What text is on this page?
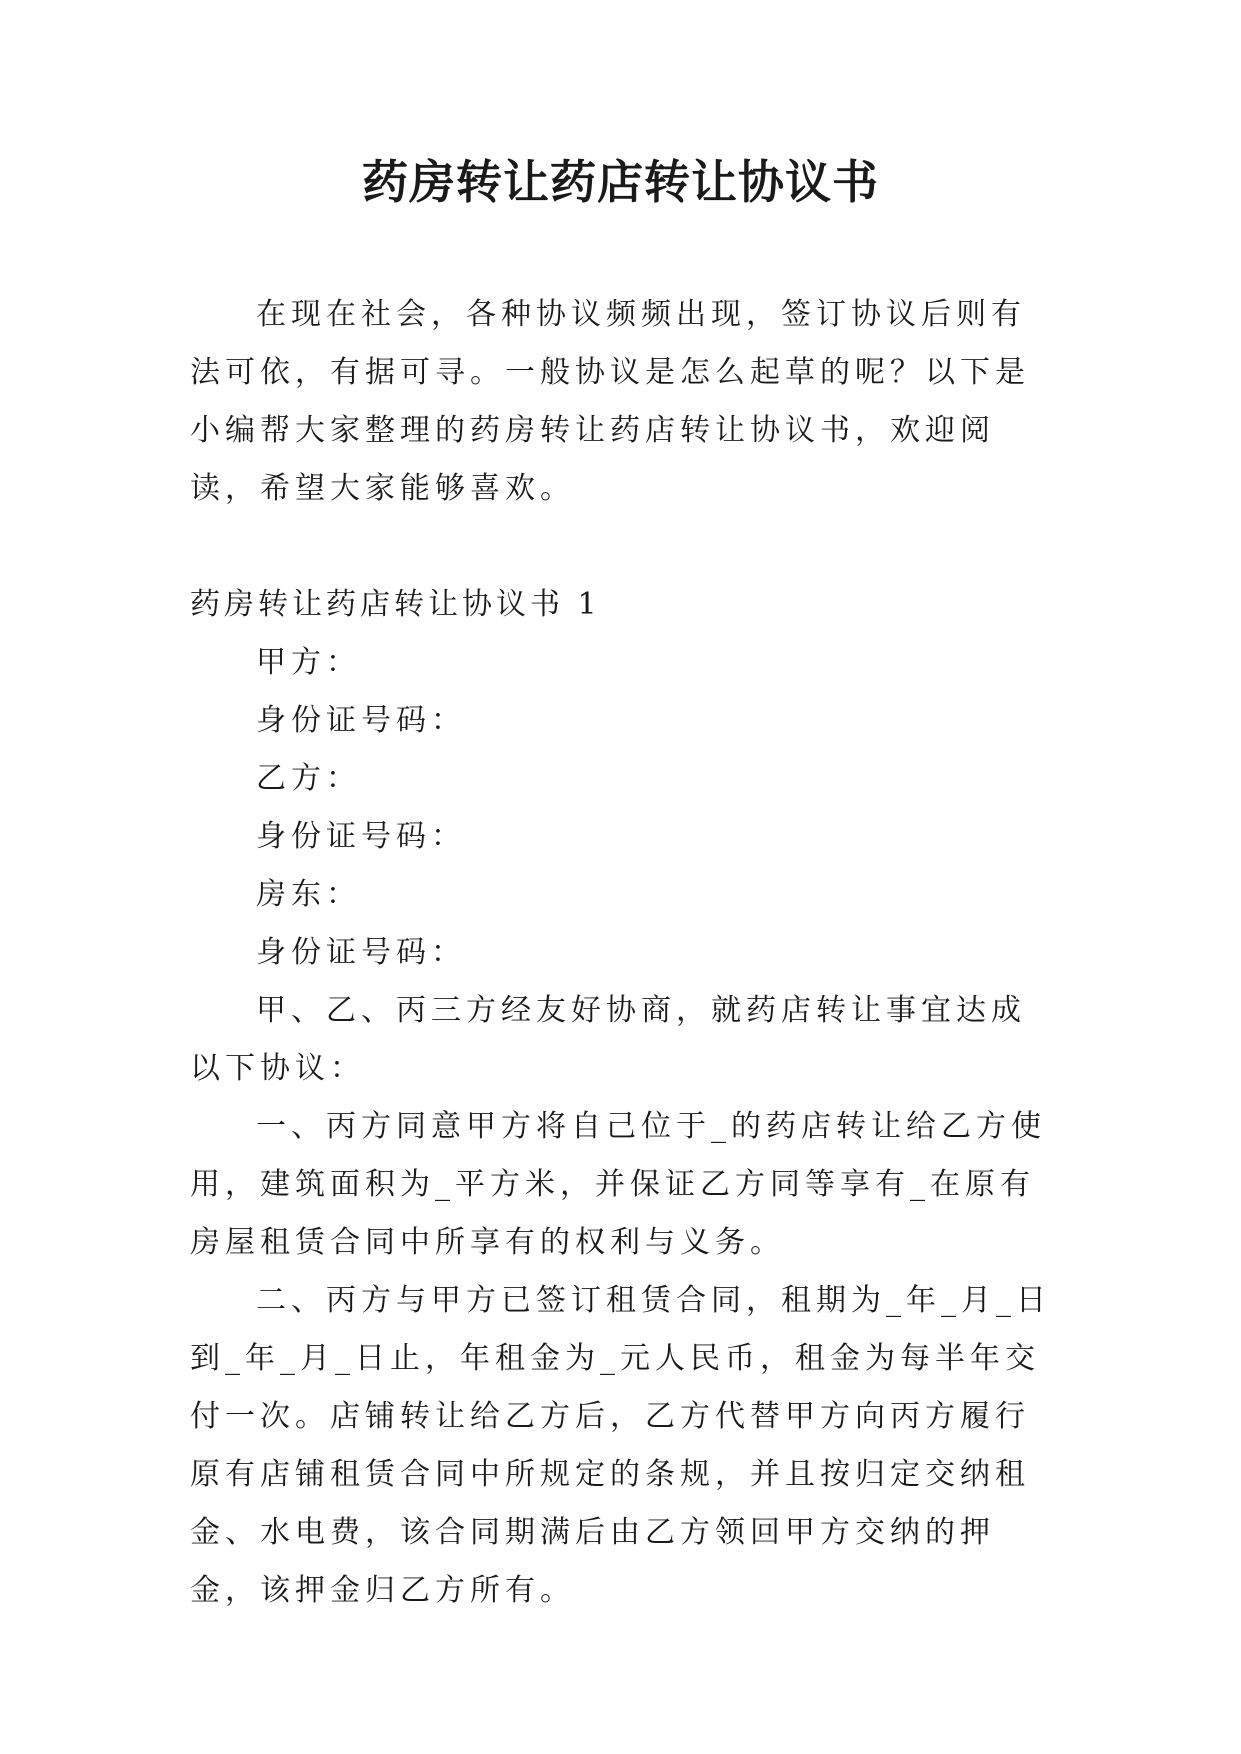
药房转让药店转让协议书

在现在社会，各种协议频频出现，签订协议后则有法可依，有据可寻。一般协议是怎么起草的呢？以下是小编帮大家整理的药房转让药店转让协议书，欢迎阅读，希望大家能够喜欢。

药房转让药店转让协议书 1

甲方：

身份证号码：

乙方：

身份证号码：

房东：

身份证号码：

甲、乙、丙三方经友好协商，就药店转让事宜达成以下协议：

一、丙方同意甲方将自己位于_的药店转让给乙方使用，建筑面积为_平方米，并保证乙方同等享有_在原有房屋租赁合同中所享有的权利与义务。

二、丙方与甲方已签订租赁合同，租期为_年_月_日到_年_月_日止，年租金为_元人民币，租金为每半年交付一次。店铺转让给乙方后，乙方代替甲方向丙方履行原有店铺租赁合同中所规定的条规，并且按归定交纳租金、水电费，该合同期满后由乙方领回甲方交纳的押金，该押金归乙方所有。
